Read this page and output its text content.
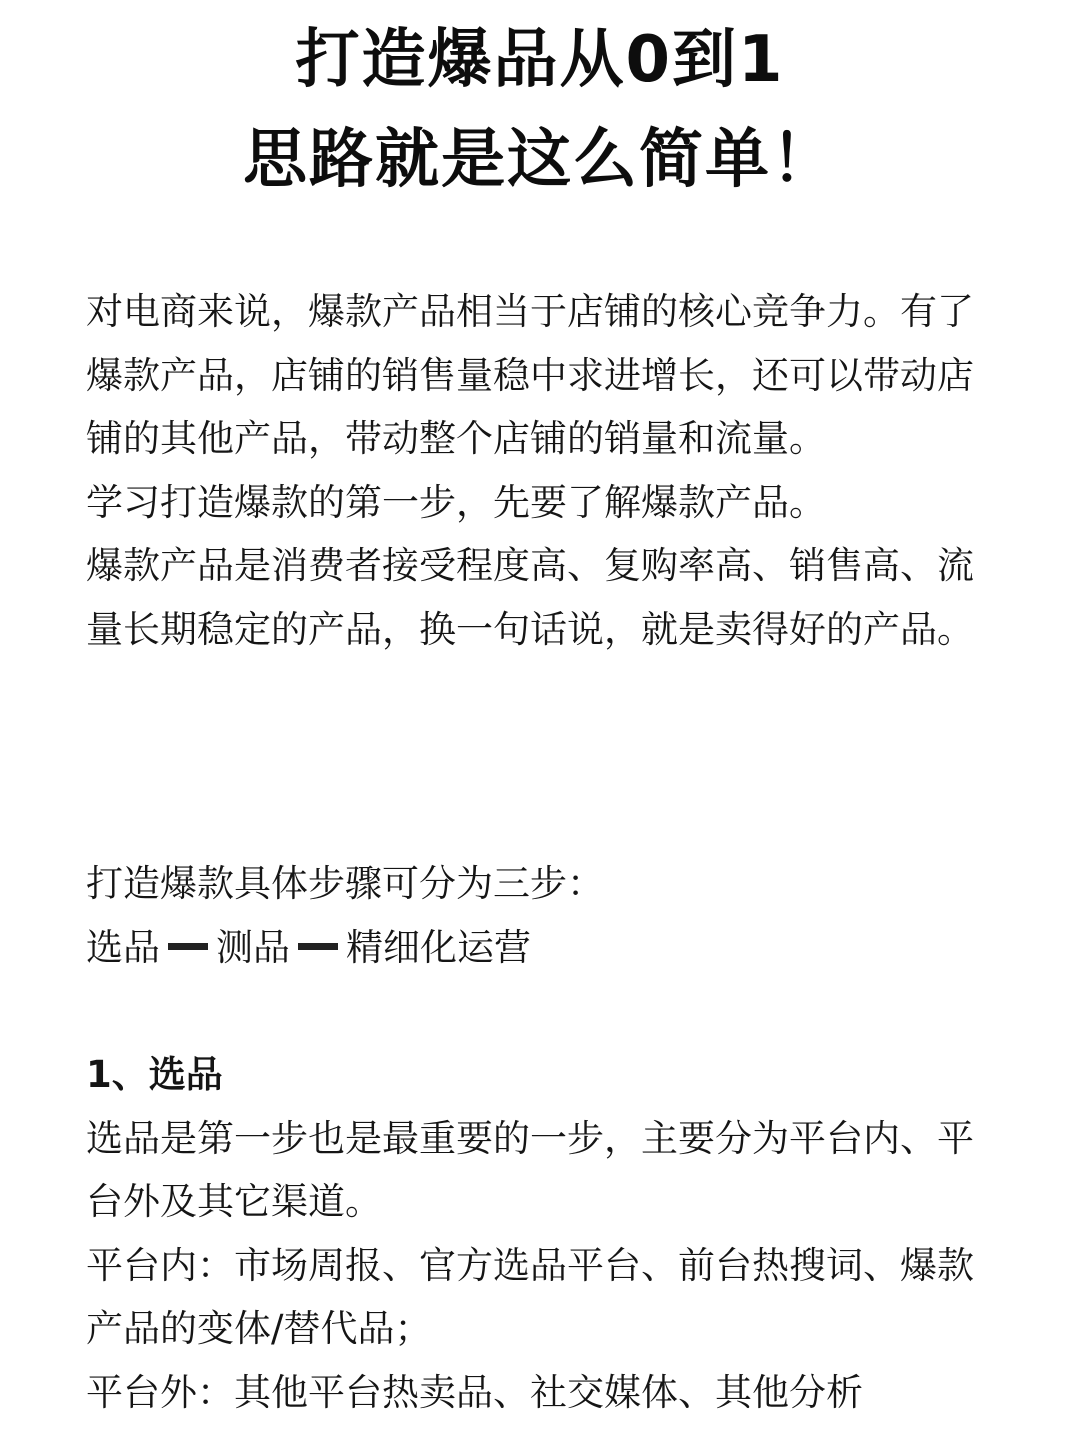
打造爆品从0到1
思路就是这么简单！

对电商来说，爆款产品相当于店铺的核心竞争力。有了爆款产品，店铺的销售量稳中求进增长，还可以带动店铺的其他产品，带动整个店铺的销量和流量。

学习打造爆款的第一步，先要了解爆款产品。

爆款产品是消费者接受程度高、复购率高、销售高、流量长期稳定的产品，换一句话说，就是卖得好的产品。

打造爆款具体步骤可分为三步：

选品 测品 精细化运营

1、选品

选品是第一步也是最重要的一步，主要分为平台内、平台外及其它渠道。

平台内：市场周报、官方选品平台、前台热搜词、爆款产品的变体/替代品；

平台外：其他平台热卖品、社交媒体、其他分析
